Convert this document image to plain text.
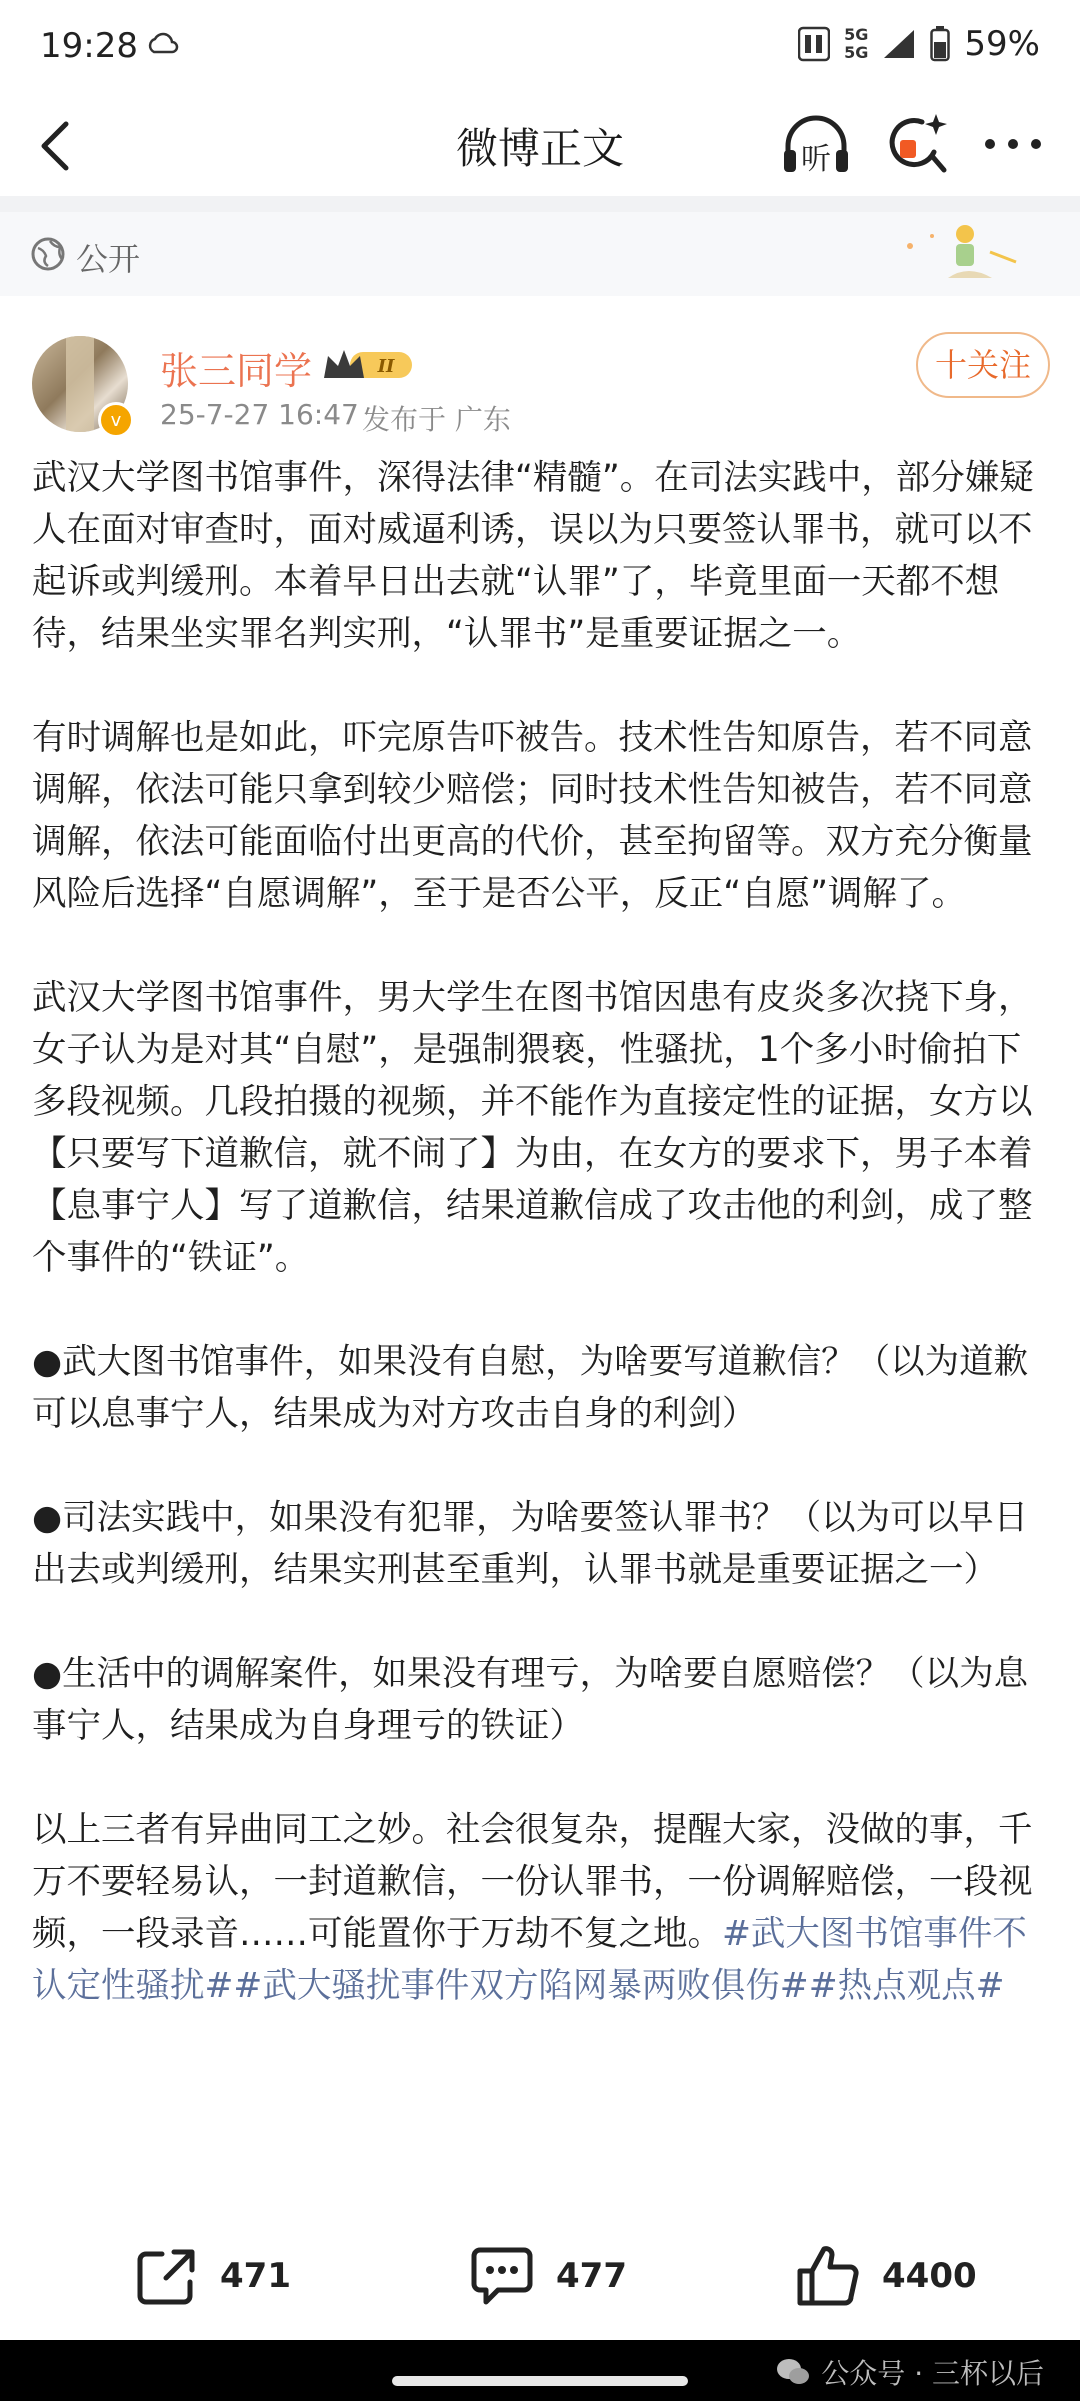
19:28	5G
5G	59%
微博正文	听
公开
v
张三同学	II
25-7-27 16:47 发布于 广东
十关注

武汉大学图书馆事件，深得法律“精髓”。在司法实践中，部分嫌疑人在面对审查时，面对威逼利诱，误以为只要签认罪书，就可以不起诉或判缓刑。本着早日出去就“认罪”了，毕竟里面一天都不想待，结果坐实罪名判实刑，“认罪书”是重要证据之一。

有时调解也是如此，吓完原告吓被告。技术性告知原告，若不同意调解，依法可能只拿到较少赔偿；同时技术性告知被告，若不同意调解，依法可能面临付出更高的代价，甚至拘留等。双方充分衡量风险后选择“自愿调解”，至于是否公平，反正“自愿”调解了。

武汉大学图书馆事件，男大学生在图书馆因患有皮炎多次挠下身，女子认为是对其“自慰”，是强制猥亵，性骚扰，1个多小时偷拍下多段视频。几段拍摄的视频，并不能作为直接定性的证据，女方以【只要写下道歉信，就不闹了】为由，在女方的要求下，男子本着【息事宁人】写了道歉信，结果道歉信成了攻击他的利剑，成了整个事件的“铁证”。

●武大图书馆事件，如果没有自慰，为啥要写道歉信？（以为道歉可以息事宁人，结果成为对方攻击自身的利剑）

●司法实践中，如果没有犯罪，为啥要签认罪书？（以为可以早日出去或判缓刑，结果实刑甚至重判，认罪书就是重要证据之一）

●生活中的调解案件，如果没有理亏，为啥要自愿赔偿？（以为息事宁人，结果成为自身理亏的铁证）

以上三者有异曲同工之妙。社会很复杂，提醒大家，没做的事，千万不要轻易认，一封道歉信，一份认罪书，一份调解赔偿，一段视频，一段录音……可能置你于万劫不复之地。#武大图书馆事件不认定性骚扰##武大骚扰事件双方陷网暴两败俱伤##热点观点#

471	477	4400
公众号 · 三杯以后
